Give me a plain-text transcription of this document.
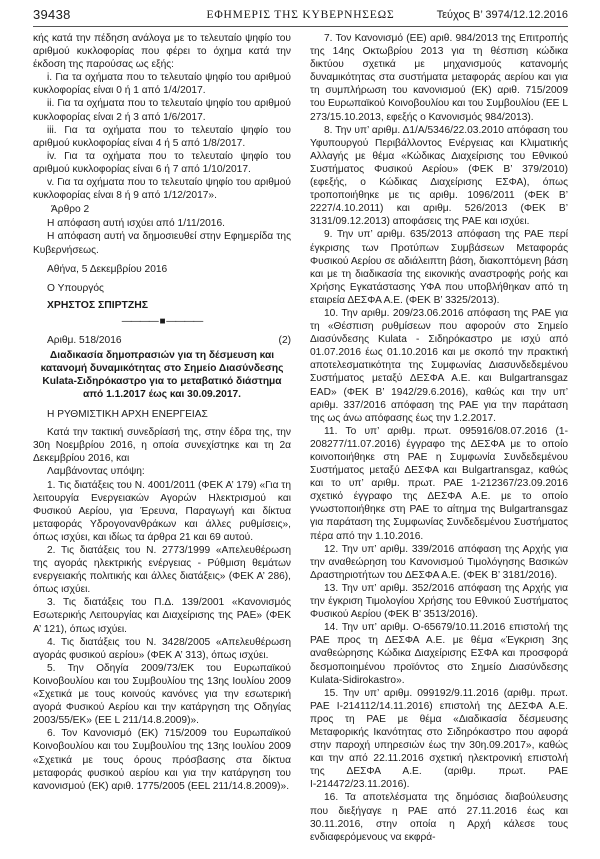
39438	ΕΦΗΜΕΡΙΣ ΤΗΣ ΚΥΒΕΡΝΗΣΕΩΣ	Τεύχος Β’ 3974/12.12.2016

κής κατά την πέδηση ανάλογα με το τελευταίο ψηφίο του αριθμού κυκλοφορίας που φέρει το όχημα κατά την έκδοση της παρούσας ως εξής:

i. Για τα οχήματα που το τελευταίο ψηφίο του αριθμού κυκλοφορίας είναι 0 ή 1 από 1/4/2017.

ii. Για τα οχήματα που το τελευταίο ψηφίο του αριθμού κυκλοφορίας είναι 2 ή 3 από 1/6/2017.

iii. Για τα οχήματα που το τελευταίο ψηφίο του αριθμού κυκλοφορίας είναι 4 ή 5 από 1/8/2017.

iv. Για τα οχήματα που το τελευταίο ψηφίο του αριθμού κυκλοφορίας είναι 6 ή 7 από 1/10/2017.

v. Για τα οχήματα που το τελευταίο ψηφίο του αριθμού κυκλοφορίας είναι 8 ή 9 από 1/12/2017».

Άρθρο 2

Η απόφαση αυτή ισχύει από 1/11/2016.

Η απόφαση αυτή να δημοσιευθεί στην Εφημερίδα της Κυβερνήσεως.

Αθήνα, 5 Δεκεμβρίου 2016

Ο Υπουργός

ΧΡΗΣΤΟΣ ΣΠΙΡΤΖΗΣ

———— ■ ————
Αριθμ. 518/2016	(2)

Διαδικασία δημοπρασιών για τη δέσμευση και κατανομή δυναμικότητας στο Σημείο Διασύνδεσης Kulata-Σιδηρόκαστρο για το μεταβατικό διάστημα από 1.1.2017 έως και 30.09.2017.

Η ΡΥΘΜΙΣΤΙΚΗ ΑΡΧΗ ΕΝΕΡΓΕΙΑΣ

Κατά την τακτική συνεδρίασή της, στην έδρα της, την 30η Νοεμβρίου 2016, η οποία συνεχίστηκε και τη 2α Δεκεμβρίου 2016, και

Λαμβάνοντας υπόψη:

1. Τις διατάξεις του Ν. 4001/2011 (ΦΕΚ Α’ 179) «Για τη λειτουργία Ενεργειακών Αγορών Ηλεκτρισμού και Φυσικού Αερίου, για Έρευνα, Παραγωγή και δίκτυα μεταφοράς Υδρογονανθράκων και άλλες ρυθμίσεις», όπως ισχύει, και ιδίως τα άρθρα 21 και 69 αυτού.

2. Τις διατάξεις του Ν. 2773/1999 «Απελευθέρωση της αγοράς ηλεκτρικής ενέργειας - Ρύθμιση θεμάτων ενεργειακής πολιτικής και άλλες διατάξεις» (ΦΕΚ Α’ 286), όπως ισχύει.

3. Τις διατάξεις του Π.Δ. 139/2001 «Κανονισμός Εσωτερικής Λειτουργίας και Διαχείρισης της ΡΑΕ» (ΦΕΚ Α’ 121), όπως ισχύει.

4. Τις διατάξεις του Ν. 3428/2005 «Απελευθέρωση αγοράς φυσικού αερίου» (ΦΕΚ Α’ 313), όπως ισχύει.

5. Την Οδηγία 2009/73/ΕΚ του Ευρωπαϊκού Κοινοβουλίου και του Συμβουλίου της 13ης Ιουλίου 2009 «Σχετικά με τους κοινούς κανόνες για την εσωτερική αγορά Φυσικού Αερίου και την κατάργηση της Οδηγίας 2003/55/ΕΚ» (ΕΕ L 211/14.8.2009)».

6. Τον Κανονισμό (ΕΚ) 715/2009 του Ευρωπαϊκού Κοινοβουλίου και του Συμβουλίου της 13ης Ιουλίου 2009 «Σχετικά με τους όρους πρόσβασης στα δίκτυα μεταφοράς φυσικού αερίου και για την κατάργηση του κανονισμού (ΕΚ) αριθ. 1775/2005 (ΕΕL 211/14.8.2009)».

7. Τον Κανονισμό (ΕΕ) αριθ. 984/2013 της Επιτροπής της 14ης Οκτωβρίου 2013 για τη θέσπιση κώδικα δικτύου σχετικά με μηχανισμούς κατανομής δυναμικότητας στα συστήματα μεταφοράς αερίου και για τη συμπλήρωση του κανονισμού (ΕΚ) αριθ. 715/2009 του Ευρωπαϊκού Κοινοβουλίου και του Συμβουλίου (ΕΕ L 273/15.10.2013, εφεξής ο Κανονισμός 984/2013).

8. Την υπ’ αριθμ. Δ1/Α/5346/22.03.2010 απόφαση του Υφυπουργού Περιβάλλοντος Ενέργειας και Κλιματικής Αλλαγής με θέμα «Κώδικας Διαχείρισης του Εθνικού Συστήματος Φυσικού Αερίου» (ΦΕΚ Β’ 379/2010) (εφεξής, ο Κώδικας Διαχείρισης ΕΣΦΑ), όπως τροποποιήθηκε με τις αριθμ. 1096/2011 (ΦΕΚ Β’ 2227/4.10.2011) και αριθμ. 526/2013 (ΦΕΚ Β’ 3131/09.12.2013) αποφάσεις της ΡΑΕ και ισχύει.

9. Την υπ’ αριθμ. 635/2013 απόφαση της ΡΑΕ περί έγκρισης των Προτύπων Συμβάσεων Μεταφοράς Φυσικού Αερίου σε αδιάλειπτη βάση, διακοπτόμενη βάση και με τη διαδικασία της εικονικής αναστροφής ροής και Χρήσης Εγκατάστασης ΥΦΑ που υποβλήθηκαν από τη εταιρεία ΔΕΣΦΑ Α.Ε. (ΦΕΚ Β’ 3325/2013).

10. Την αριθμ. 209/23.06.2016 απόφαση της ΡΑΕ για τη «Θέσπιση ρυθμίσεων που αφορούν στο Σημείο Διασύνδεσης Kulata - Σιδηρόκαστρο με ισχύ από 01.07.2016 έως 01.10.2016 και με σκοπό την πρακτική αποτελεσματικότητα της Συμφωνίας Διασυνδεδεμένου Συστήματος μεταξύ ΔΕΣΦΑ Α.Ε. και Bulgartransgaz EAD» (ΦΕΚ Β’ 1942/29.6.2016), καθώς και την υπ’ αριθμ. 337/2016 απόφαση της ΡΑΕ για την παράταση της ως άνω απόφασης έως την 1.2.2017.

11. Το υπ’ αριθμ. πρωτ. 095916/08.07.2016 (1-208277/11.07.2016) έγγραφο της ΔΕΣΦΑ με το οποίο κοινοποιήθηκε στη ΡΑΕ η Συμφωνία Συνδεδεμένου Συστήματος μεταξύ ΔΕΣΦΑ και Bulgartransgaz, καθώς και το υπ’ αριθμ. πρωτ. ΡΑΕ 1-212367/23.09.2016 σχετικό έγγραφο της ΔΕΣΦΑ Α.Ε. με το οποίο γνωστοποιήθηκε στη ΡΑΕ το αίτημα της Bulgartransgaz για παράταση της Συμφωνίας Συνδεδεμένου Συστήματος πέρα από την 1.10.2016.

12. Την υπ’ αριθμ. 339/2016 απόφαση της Αρχής για την αναθεώρηση του Κανονισμού Τιμολόγησης Βασικών Δραστηριοτήτων του ΔΕΣΦΑ Α.Ε. (ΦΕΚ Β’ 3181/2016).

13. Την υπ’ αριθμ. 352/2016 απόφαση της Αρχής για την έγκριση Τιμολογίου Χρήσης του Εθνικού Συστήματος Φυσικού Αερίου (ΦΕΚ Β’ 3513/2016).

14. Την υπ’ αριθμ. Ο-65679/10.11.2016 επιστολή της ΡΑΕ προς τη ΔΕΣΦΑ Α.Ε. με θέμα «Έγκριση 3ης αναθεώρησης Κώδικα Διαχείρισης ΕΣΦΑ και προσφορά δεσμοποιημένου προϊόντος στο Σημείο Διασύνδεσης Kulata-Sidirokastro».

15. Την υπ’ αριθμ. 099192/9.11.2016 (αριθμ. πρωτ. ΡΑΕ Ι-214112/14.11.2016) επιστολή της ΔΕΣΦΑ Α.Ε. προς τη ΡΑΕ με θέμα «Διαδικασία δέσμευσης Μεταφορικής Ικανότητας στο Σιδηρόκαστρο που αφορά στην παροχή υπηρεσιών έως την 30η.09.2017», καθώς και την από 22.11.2016 σχετική ηλεκτρονική επιστολή της ΔΕΣΦΑ Α.Ε. (αριθμ. πρωτ. ΡΑΕ Ι-214472/23.11.2016).

16. Τα αποτελέσματα της δημόσιας διαβούλευσης που διεξήγαγε η ΡΑΕ από 27.11.2016 έως και 30.11.2016, στην οποία η Αρχή κάλεσε τους ενδιαφερόμενους να εκφρά-
